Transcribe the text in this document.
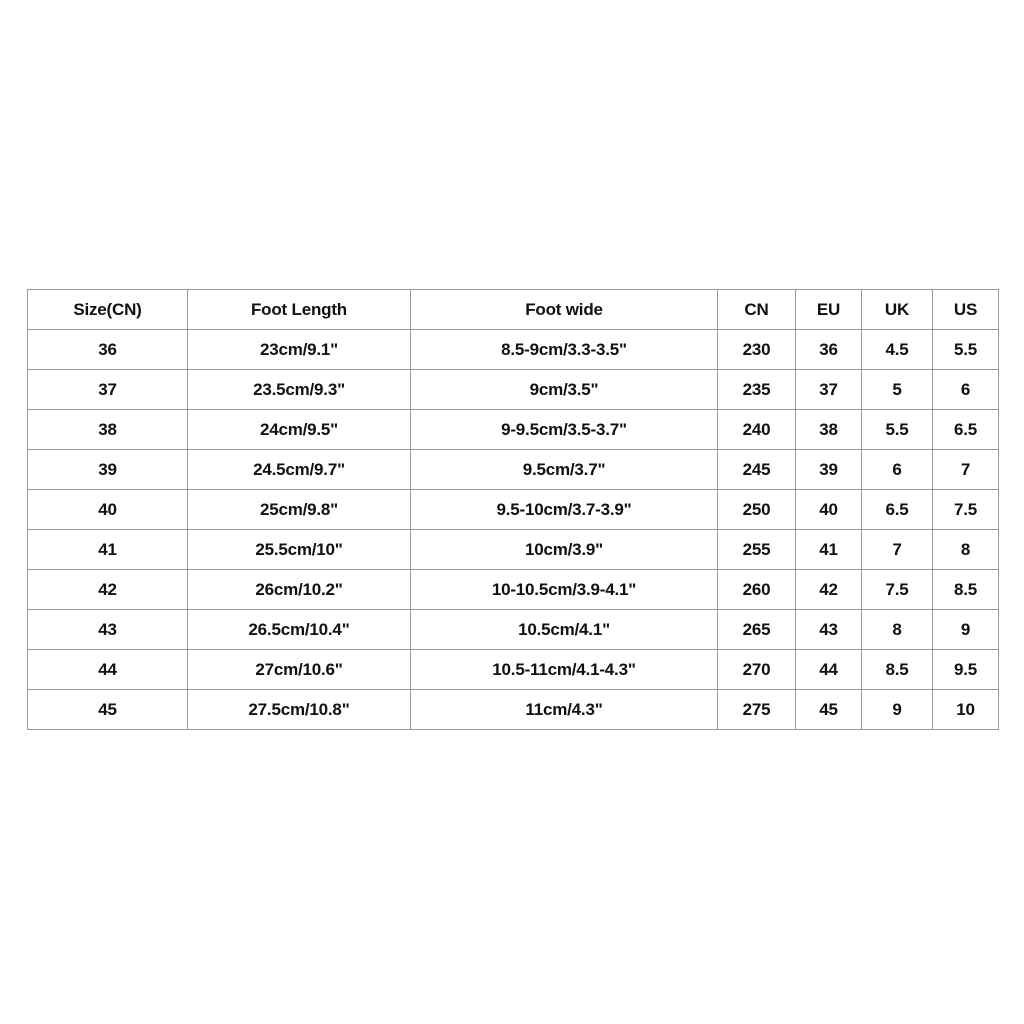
Size(CN)	Foot Length	Foot wide	CN	EU	UK	US
36	23cm/9.1"	8.5-9cm/3.3-3.5"	230	36	4.5	5.5
37	23.5cm/9.3"	9cm/3.5"	235	37	5	6
38	24cm/9.5"	9-9.5cm/3.5-3.7"	240	38	5.5	6.5
39	24.5cm/9.7"	9.5cm/3.7"	245	39	6	7
40	25cm/9.8"	9.5-10cm/3.7-3.9"	250	40	6.5	7.5
41	25.5cm/10"	10cm/3.9"	255	41	7	8
42	26cm/10.2"	10-10.5cm/3.9-4.1"	260	42	7.5	8.5
43	26.5cm/10.4"	10.5cm/4.1"	265	43	8	9
44	27cm/10.6"	10.5-11cm/4.1-4.3"	270	44	8.5	9.5
45	27.5cm/10.8"	11cm/4.3"	275	45	9	10
